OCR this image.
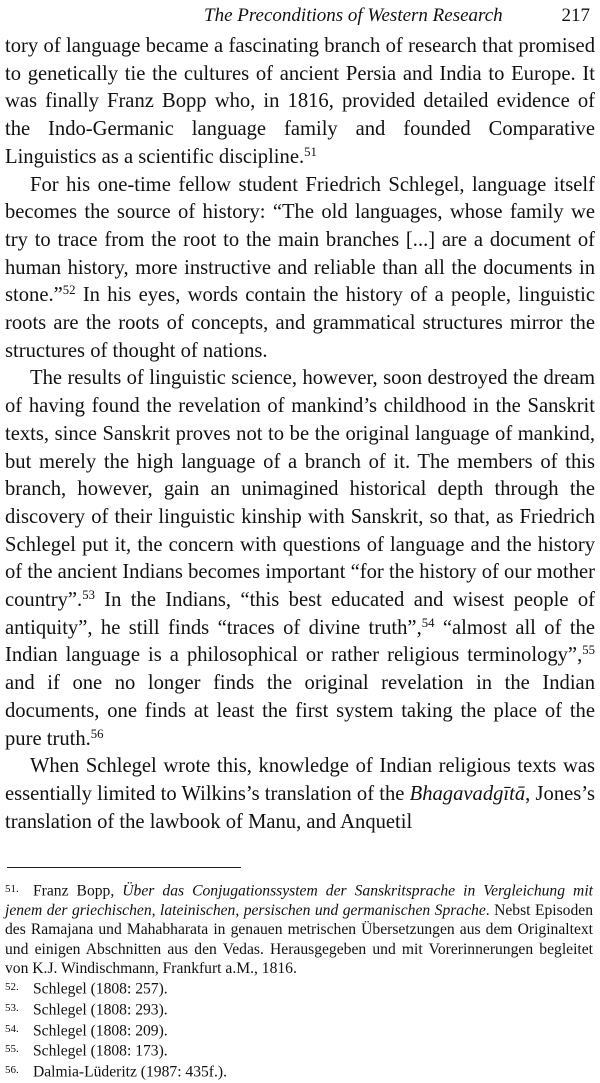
The Preconditions of Western Research	217

tory of language became a fascinating branch of research that promised to genetically tie the cultures of ancient Persia and India to Europe. It was finally Franz Bopp who, in 1816, provided detailed evidence of the Indo-Germanic language family and founded Comparative Linguistics as a scientific discipline.$^{51}$

For his one-time fellow student Friedrich Schlegel, language itself becomes the source of history: “The old languages, whose family we try to trace from the root to the main branches [...] are a document of human history, more instructive and reliable than all the documents in stone.”$^{52}$ In his eyes, words contain the history of a people, linguistic roots are the roots of concepts, and grammatical structures mirror the structures of thought of nations.

The results of linguistic science, however, soon destroyed the dream of having found the revelation of mankind’s childhood in the Sanskrit texts, since Sanskrit proves not to be the original language of mankind, but merely the high language of a branch of it. The members of this branch, however, gain an unimagined historical depth through the discovery of their linguistic kinship with Sanskrit, so that, as Friedrich Schlegel put it, the concern with questions of language and the history of the ancient Indians becomes important “for the history of our mother country”.$^{53}$ In the Indians, “this best educated and wisest people of antiquity”, he still finds “traces of divine truth”,$^{54}$ “almost all of the Indian language is a philosophical or rather religious terminology”,$^{55}$ and if one no longer finds the original revelation in the Indian documents, one finds at least the first system taking the place of the pure truth.$^{56}$

When Schlegel wrote this, knowledge of Indian religious texts was essentially limited to Wilkins’s translation of the Bhagavadgītā, Jones’s translation of the lawbook of Manu, and Anquetil

51. Franz Bopp, Über das Conjugationssystem der Sanskritsprache in Vergleichung mit jenem der griechischen, lateinischen, persischen und germanischen Sprache. Nebst Episoden des Ramajana und Mahabharata in genauen metrischen Übersetzungen aus dem Originaltext und einigen Abschnitten aus den Vedas. Herausgegeben und mit Vorerinnerungen begleitet von K.J. Windischmann, Frankfurt a.M., 1816.
52. Schlegel (1808: 257).
53. Schlegel (1808: 293).
54. Schlegel (1808: 209).
55. Schlegel (1808: 173).
56. Dalmia-Lüderitz (1987: 435f.).
